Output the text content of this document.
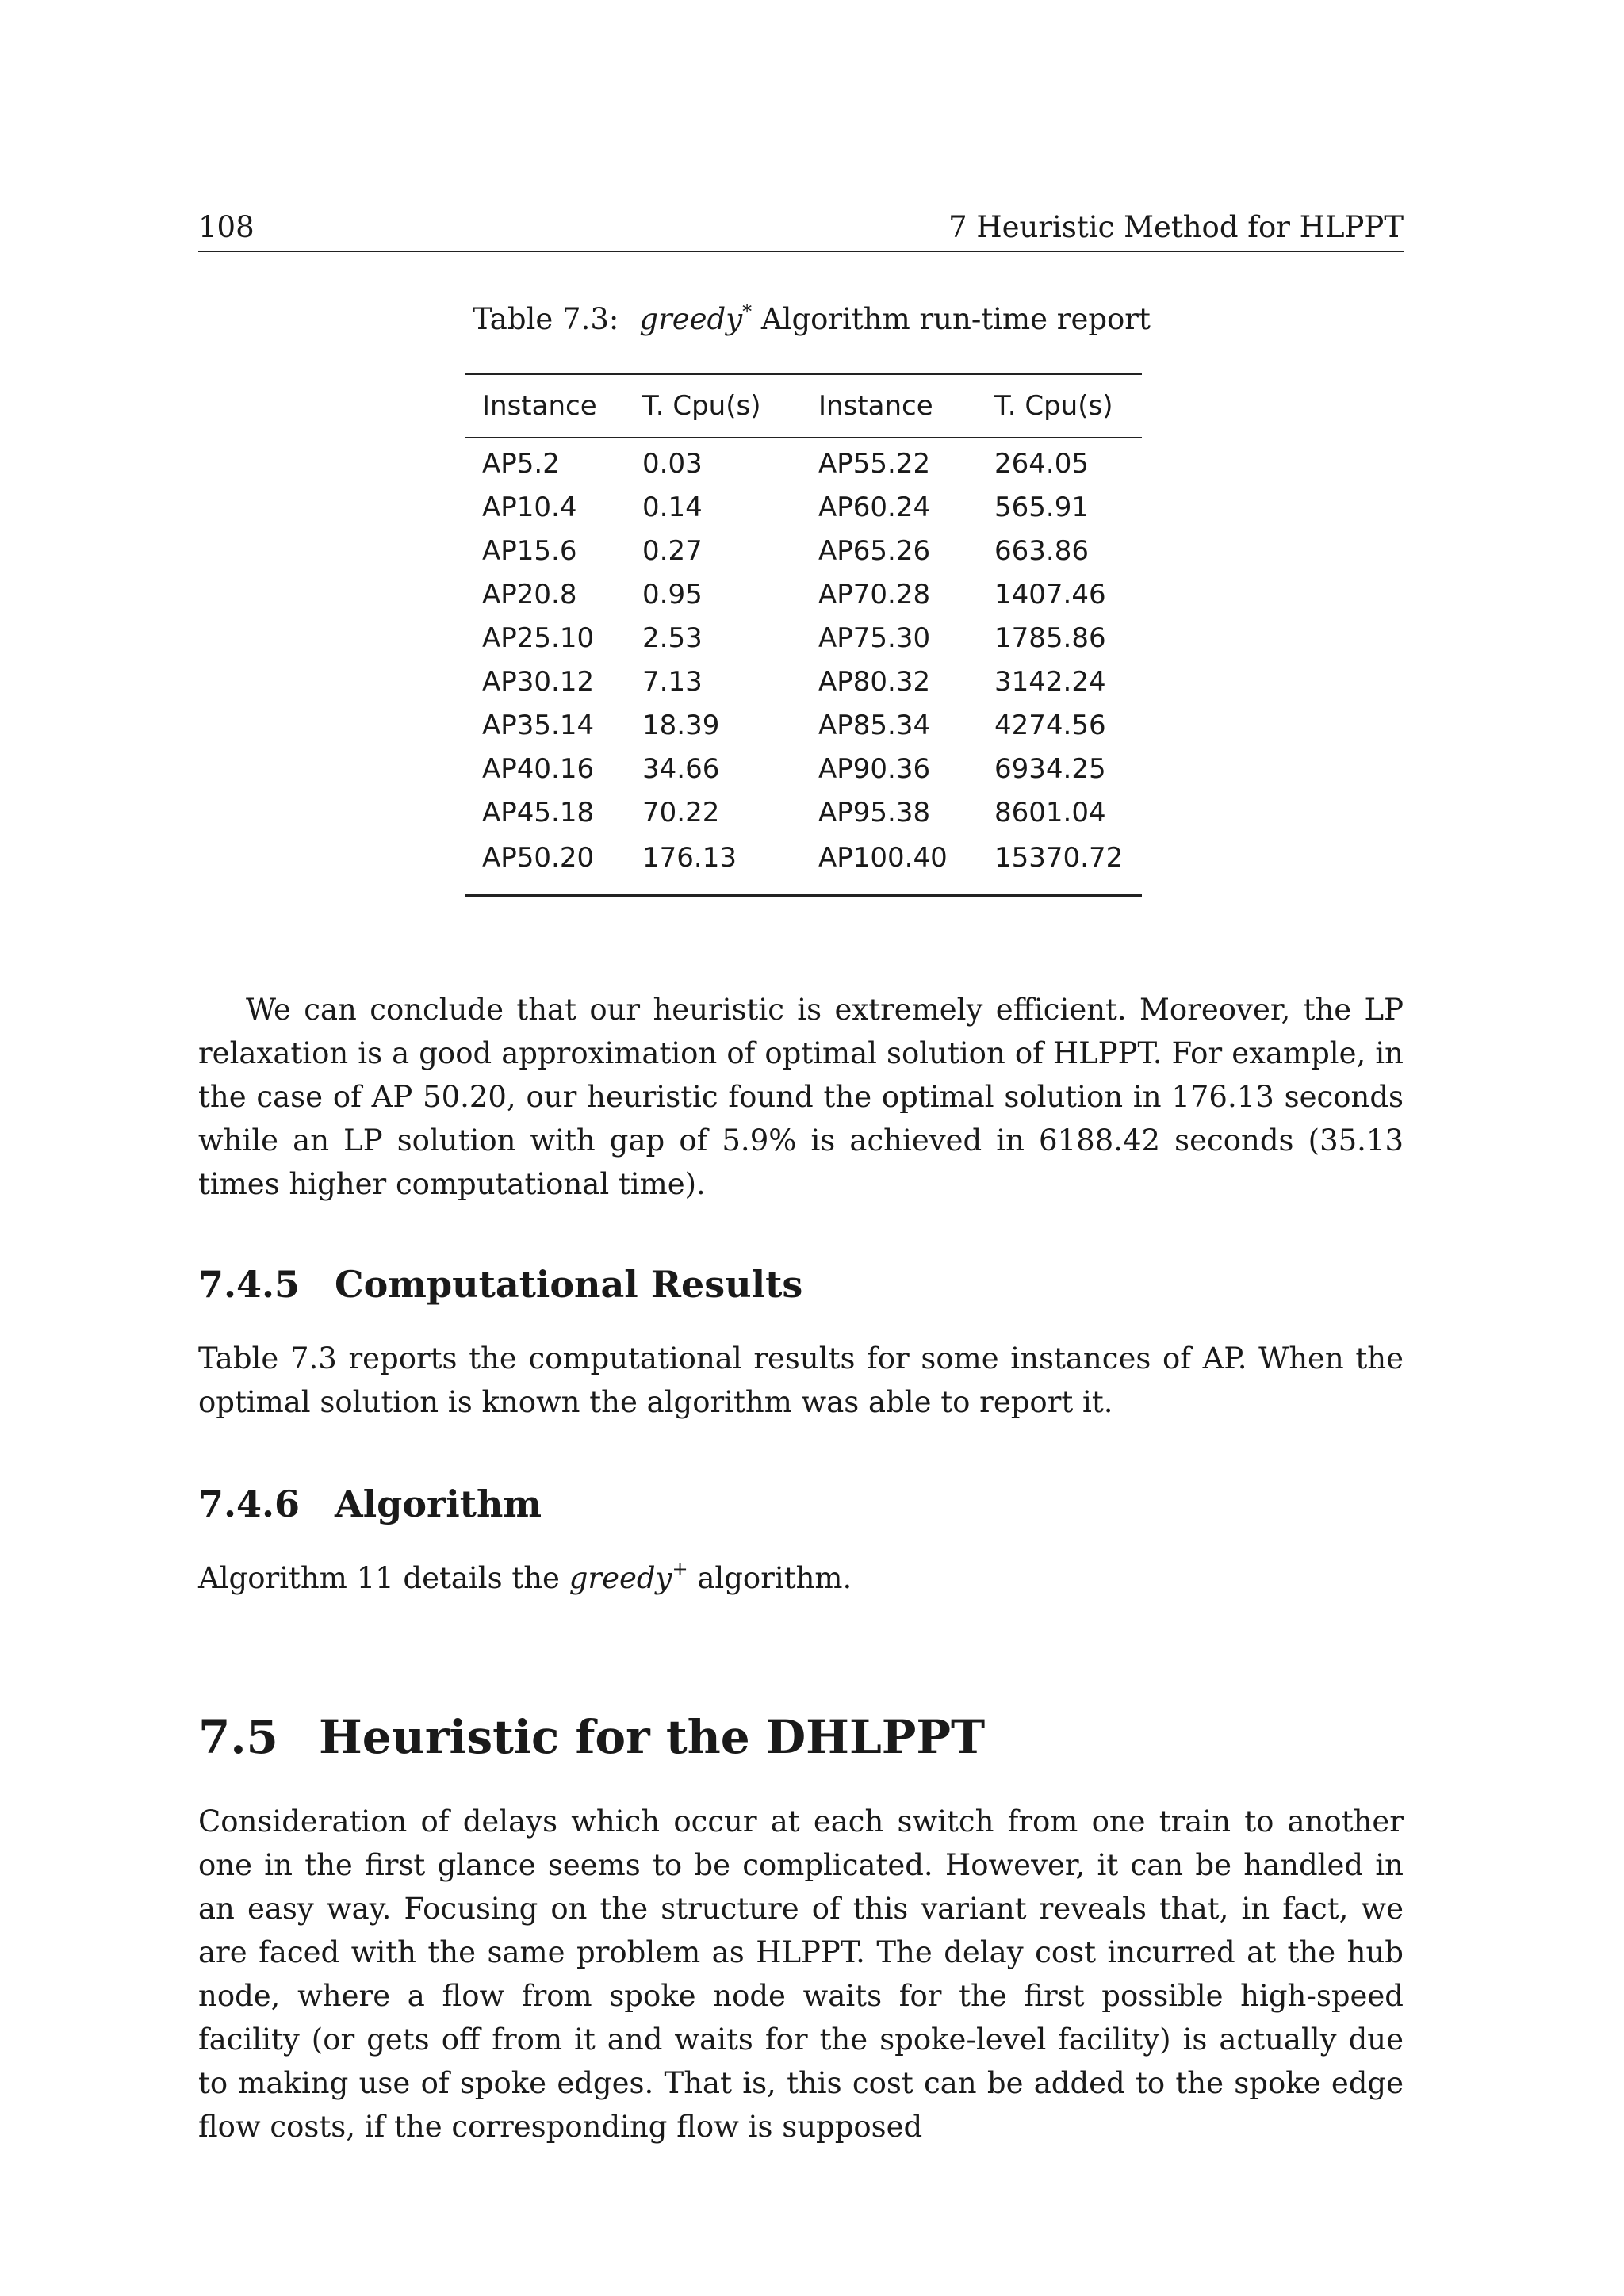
108	7 Heuristic Method for HLPPT
Table 7.3: greedy* Algorithm run-time report
Instance	T. Cpu(s)	Instance	T. Cpu(s)
AP5.2	0.03	AP55.22	264.05
AP10.4	0.14	AP60.24	565.91
AP15.6	0.27	AP65.26	663.86
AP20.8	0.95	AP70.28	1407.46
AP25.10	2.53	AP75.30	1785.86
AP30.12	7.13	AP80.32	3142.24
AP35.14	18.39	AP85.34	4274.56
AP40.16	34.66	AP90.36	6934.25
AP45.18	70.22	AP95.38	8601.04
AP50.20	176.13	AP100.40	15370.72

We can conclude that our heuristic is extremely efficient. Moreover, the LP relaxation is a good approximation of optimal solution of HLPPT. For example, in the case of AP 50.20, our heuristic found the optimal solution in 176.13 seconds while an LP solution with gap of 5.9% is achieved in 6188.42 seconds (35.13 times higher computational time).

7.4.5 Computational Results

Table 7.3 reports the computational results for some instances of AP. When the optimal solution is known the algorithm was able to report it.

7.4.6 Algorithm

Algorithm 11 details the greedy+ algorithm.

7.5 Heuristic for the DHLPPT

Consideration of delays which occur at each switch from one train to another one in the first glance seems to be complicated. However, it can be handled in an easy way. Focusing on the structure of this variant reveals that, in fact, we are faced with the same problem as HLPPT. The delay cost incurred at the hub node, where a flow from spoke node waits for the first possible high-speed facility (or gets off from it and waits for the spoke-level facility) is actually due to making use of spoke edges. That is, this cost can be added to the spoke edge flow costs, if the corresponding flow is supposed
